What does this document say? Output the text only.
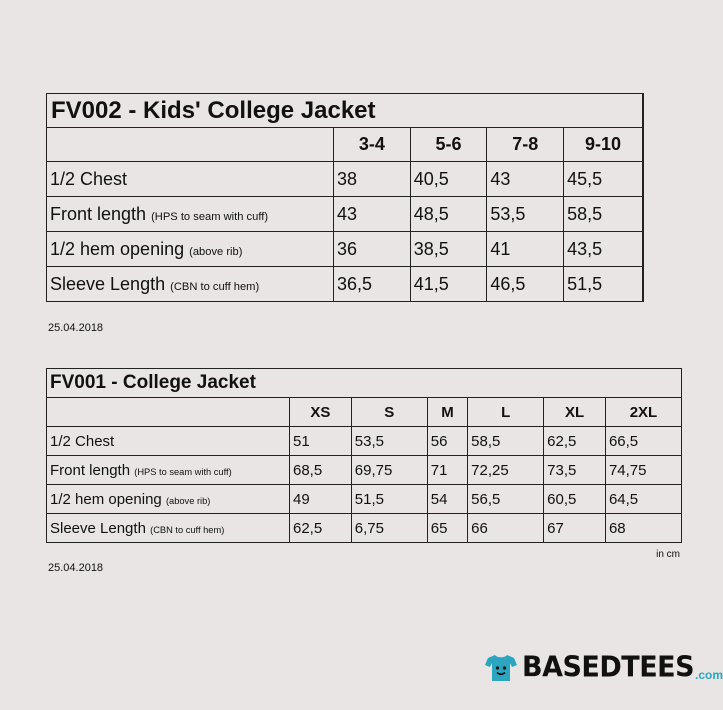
FV002 - Kids' College Jacket				
	3-4	5-6	7-8	9-10
1/2 Chest	38	40,5	43	45,5
Front length (HPS to seam with cuff)	43	48,5	53,5	58,5
1/2 hem opening (above rib)	36	38,5	41	43,5
Sleeve Length (CBN to cuff hem)	36,5	41,5	46,5	51,5
25.04.2018
FV001 - College Jacket						
	XS	S	M	L	XL	2XL
1/2 Chest	51	53,5	56	58,5	62,5	66,5
Front length (HPS to seam with cuff)	68,5	69,75	71	72,25	73,5	74,75
1/2 hem opening (above rib)	49	51,5	54	56,5	60,5	64,5
Sleeve Length (CBN to cuff hem)	62,5	6,75	65	66	67	68
in cm
25.04.2018
BASEDTEES .com
